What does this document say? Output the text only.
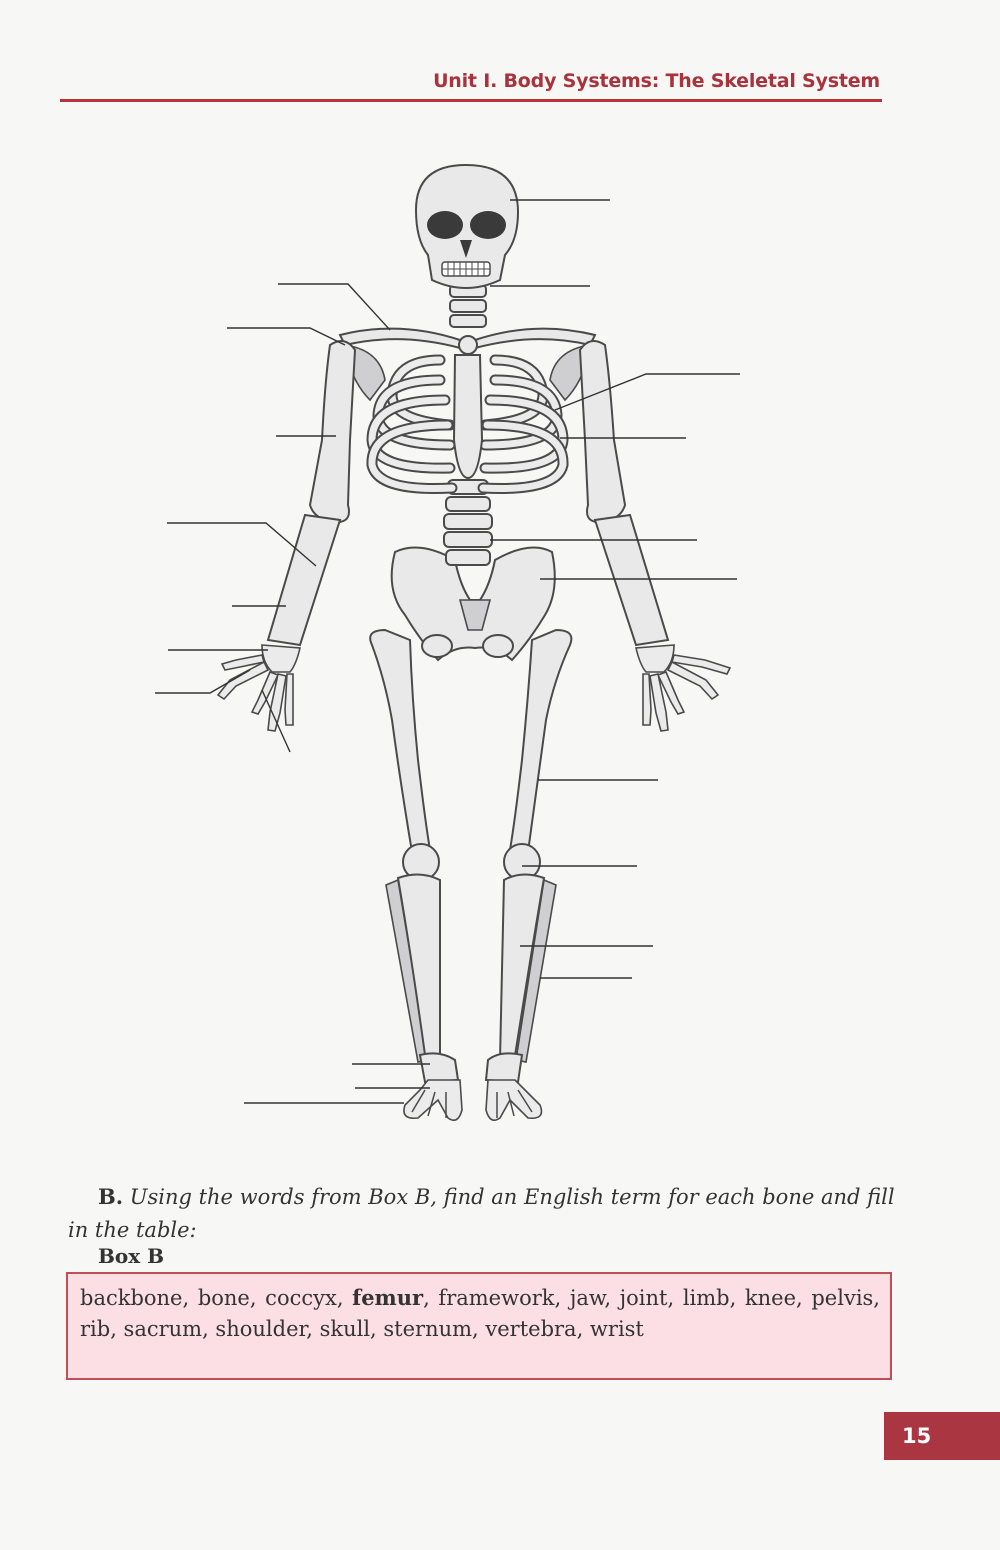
Unit I. Body Systems: The Skeletal System
B. Using the words from Box B, find an English term for each bone and fill in the table:
Box B
backbone, bone, coccyx, femur, framework, jaw, joint, limb, knee, pelvis, rib, sacrum, shoulder, skull, sternum, vertebra, wrist
15
